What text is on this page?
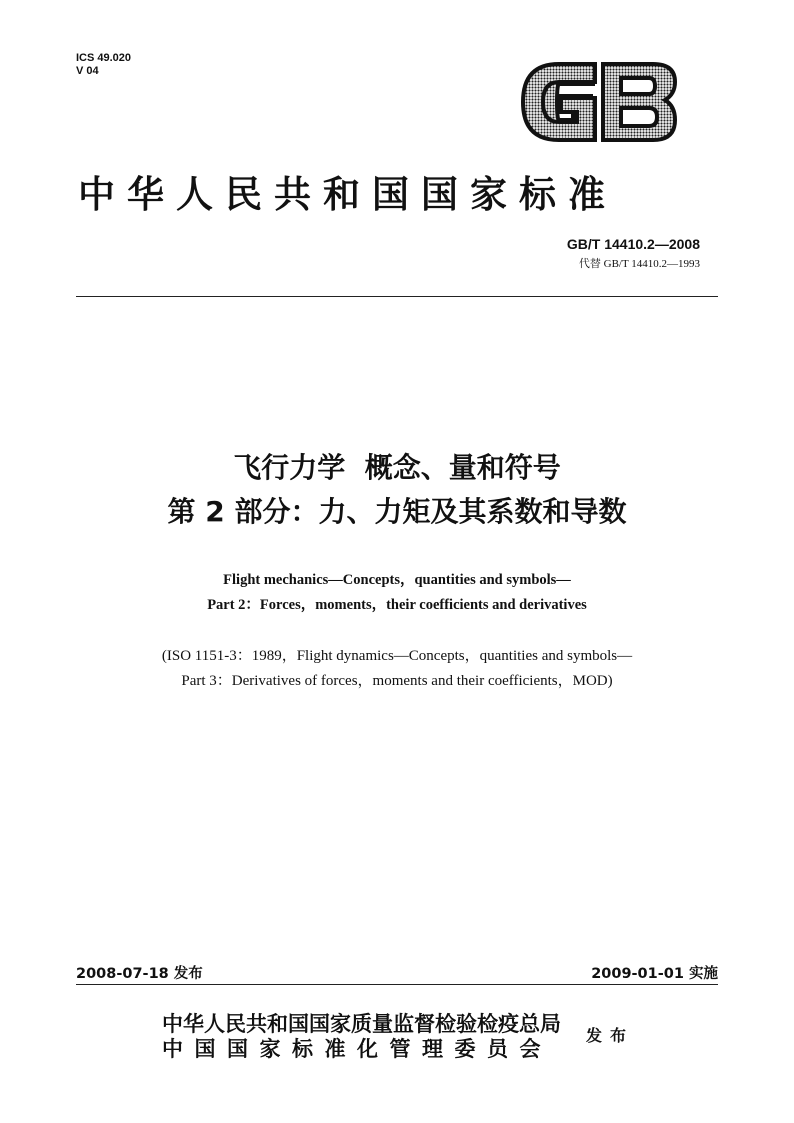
ICS 49.020
V 04
中华人民共和国国家标准
GB/T 14410.2—2008
代替 GB/T 14410.2—1993
飞行力学  概念、量和符号
第 2 部分：力、力矩及其系数和导数
Flight mechanics—Concepts，quantities and symbols—
Part 2：Forces，moments，their coefficients and derivatives
(ISO 1151-3：1989，Flight dynamics—Concepts，quantities and symbols—
Part 3：Derivatives of forces，moments and their coefficients，MOD)
2008-07-18 发布	2009-01-01 实施
中华人民共和国国家质量监督检验检疫总局
中国国家标准化管理委员会
发布
